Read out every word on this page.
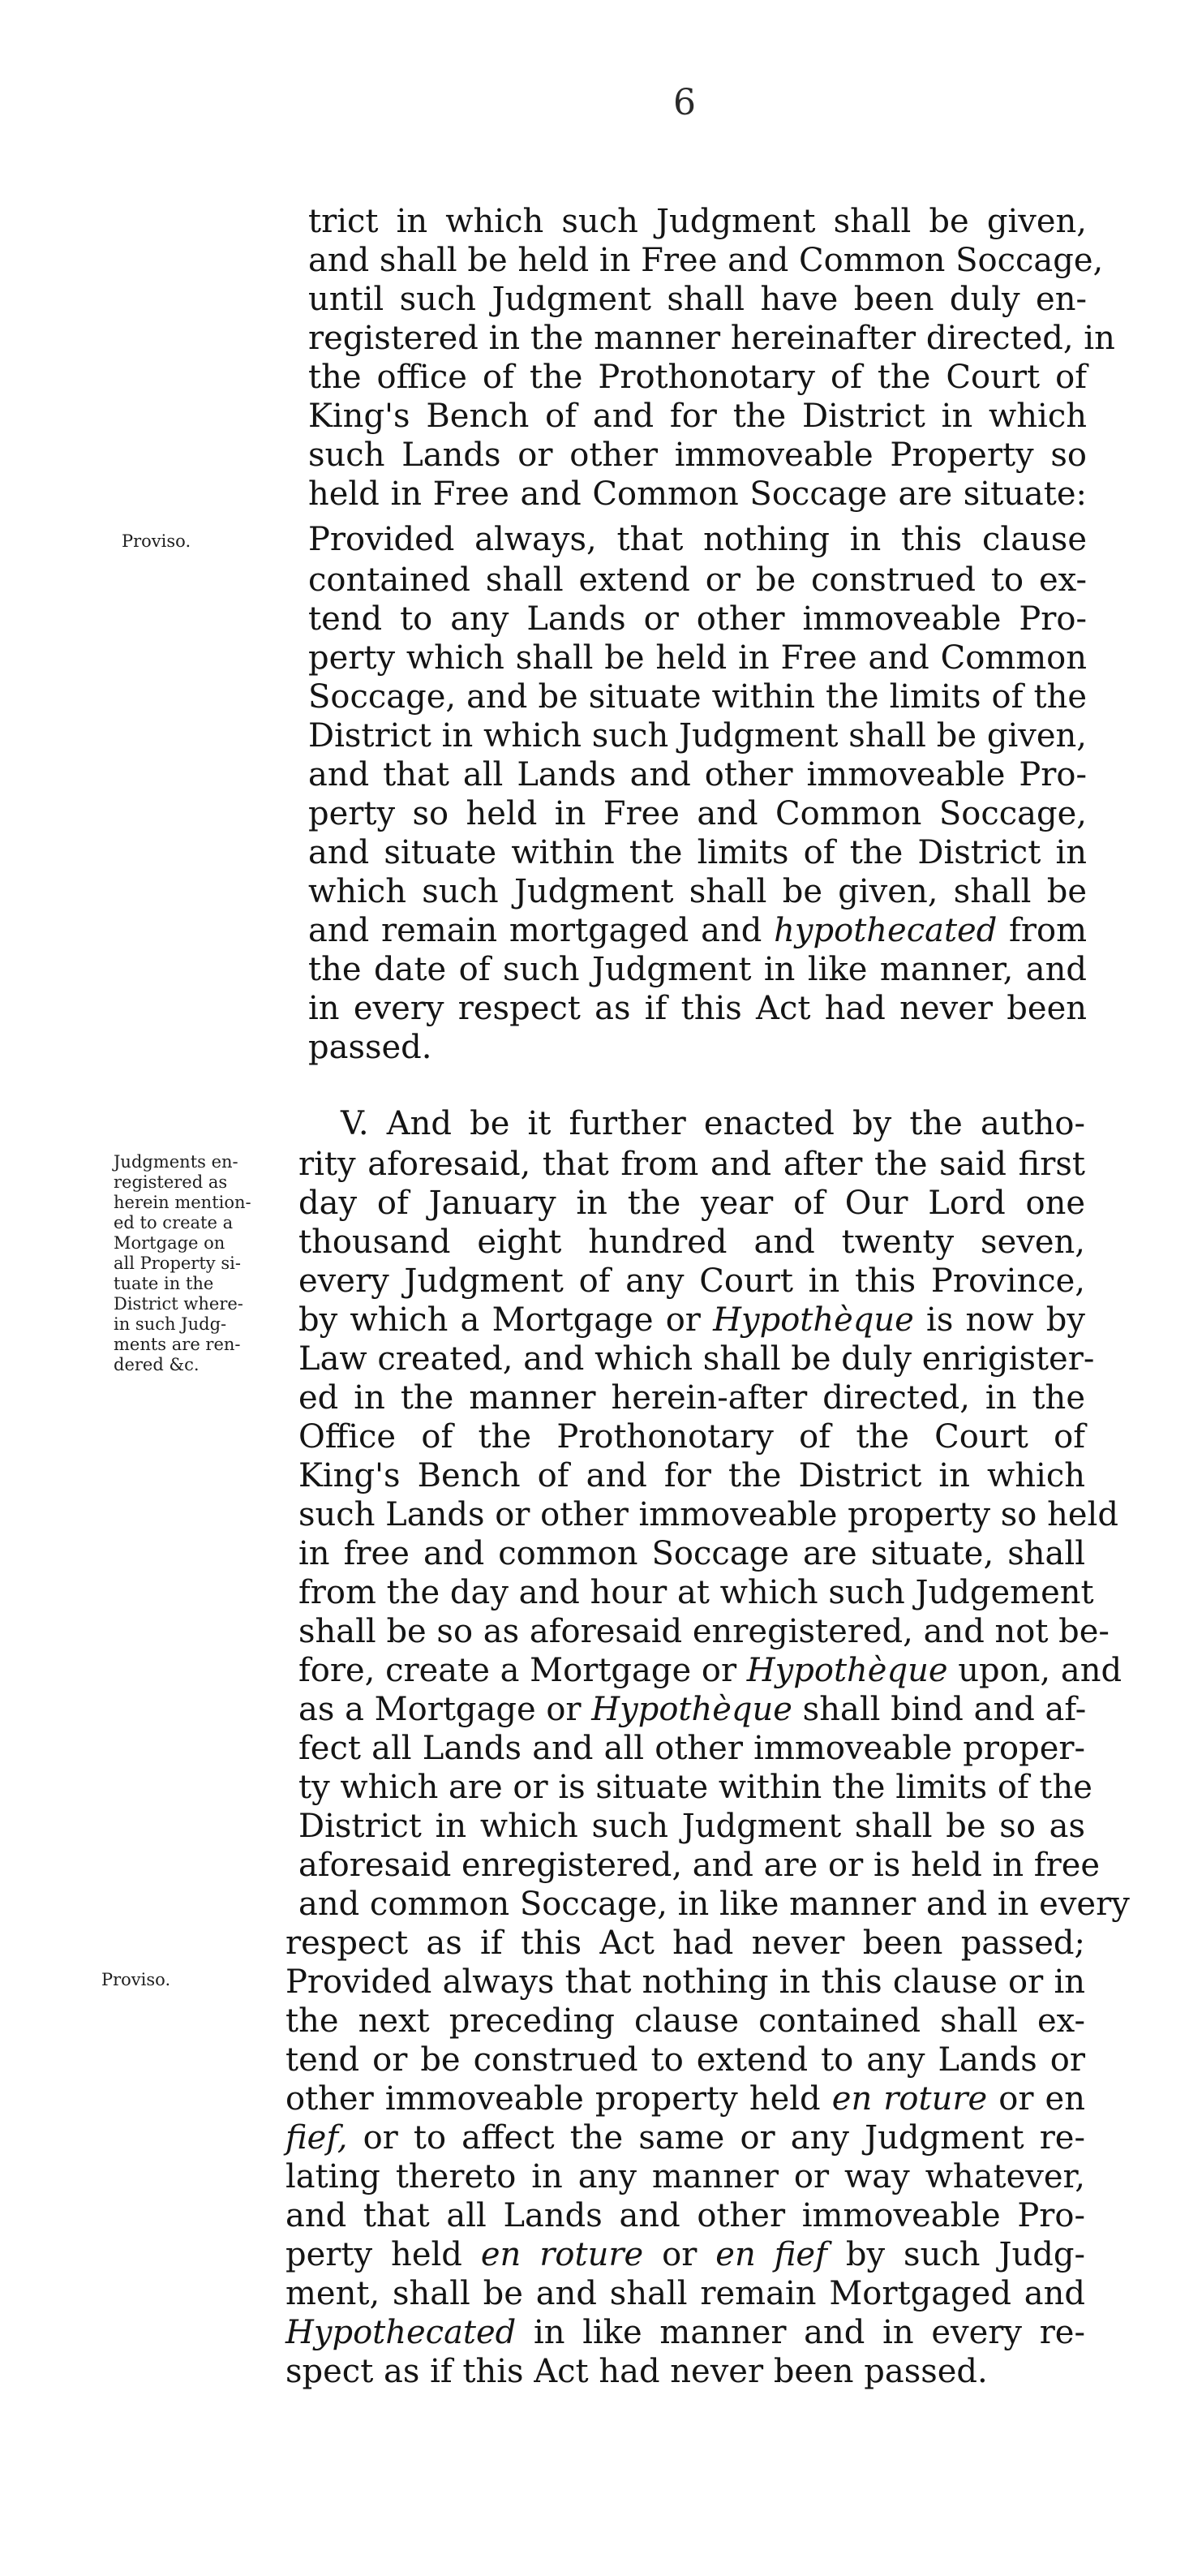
6
trict in which such Judgment shall be given,
and shall be held in Free and Common Soccage,
until such Judgment shall have been duly en-
registered in the manner hereinafter directed, in
the office of the Prothonotary of the Court of
King's Bench of and for the District in which
such Lands or other immoveable Property so
held in Free and Common Soccage are situate:
Provided always, that nothing in this clause
contained shall extend or be construed to ex-
tend to any Lands or other immoveable Pro-
perty which shall be held in Free and Common
Soccage, and be situate within the limits of the
District in which such Judgment shall be given,
and that all Lands and other immoveable Pro-
perty so held in Free and Common Soccage,
and situate within the limits of the District in
which such Judgment shall be given, shall be
and remain mortgaged and hypothecated from
the date of such Judgment in like manner, and
in every respect as if this Act had never been
passed.
V. And be it further enacted by the autho-
rity aforesaid, that from and after the said first
day of January in the year of Our Lord one
thousand eight hundred and twenty seven,
every Judgment of any Court in this Province,
by which a Mortgage or Hypothèque is now by
Law created, and which shall be duly enrigister-
ed in the manner herein-after directed, in the
Office of the Prothonotary of the Court of
King's Bench of and for the District in which
such Lands or other immoveable property so held
in free and common Soccage are situate, shall
from the day and hour at which such Judgement
shall be so as aforesaid enregistered, and not be-
fore, create a Mortgage or Hypothèque upon, and
as a Mortgage or Hypothèque shall bind and af-
fect all Lands and all other immoveable proper-
ty which are or is situate within the limits of the
District in which such Judgment shall be so as
aforesaid enregistered, and are or is held in free
and common Soccage, in like manner and in every
respect as if this Act had never been passed;
Provided always that nothing in this clause or in
the next preceding clause contained shall ex-
tend or be construed to extend to any Lands or
other immoveable property held en roture or en
fief, or to affect the same or any Judgment re-
lating thereto in any manner or way whatever,
and that all Lands and other immoveable Pro-
perty held en roture or en fief by such Judg-
ment, shall be and shall remain Mortgaged and
Hypothecated in like manner and in every re-
spect as if this Act had never been passed.
Proviso.
Judgments en-
registered as
herein mention-
ed to create a
Mortgage on
all Property si-
tuate in the
District where-
in such Judg-
ments are ren-
dered &c.
Proviso.
